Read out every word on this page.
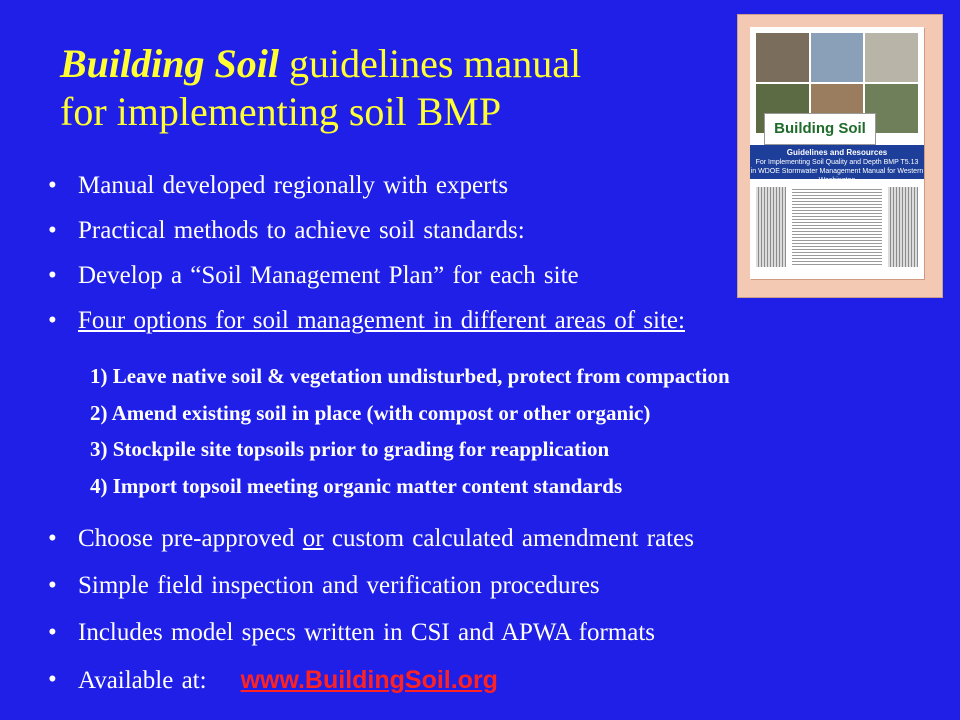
Building Soil guidelines manual
for implementing soil BMP	Building Soil
Guidelines and Resources
For Implementing Soil Quality and Depth BMP T5.13
in WDOE Stormwater Management Manual for Western Washington

• Manual developed regionally with experts
• Practical methods to achieve soil standards:
• Develop a “Soil Management Plan” for each site
• Four options for soil management in different areas of site:
1) Leave native soil & vegetation undisturbed, protect from compaction
2) Amend existing soil in place (with compost or other organic)
3) Stockpile site topsoils prior to grading for reapplication
4) Import topsoil meeting organic matter content standards
• Choose pre-approved or custom calculated amendment rates
• Simple field inspection and verification procedures
• Includes model specs written in CSI and APWA formats
• Available at: www.BuildingSoil.org
